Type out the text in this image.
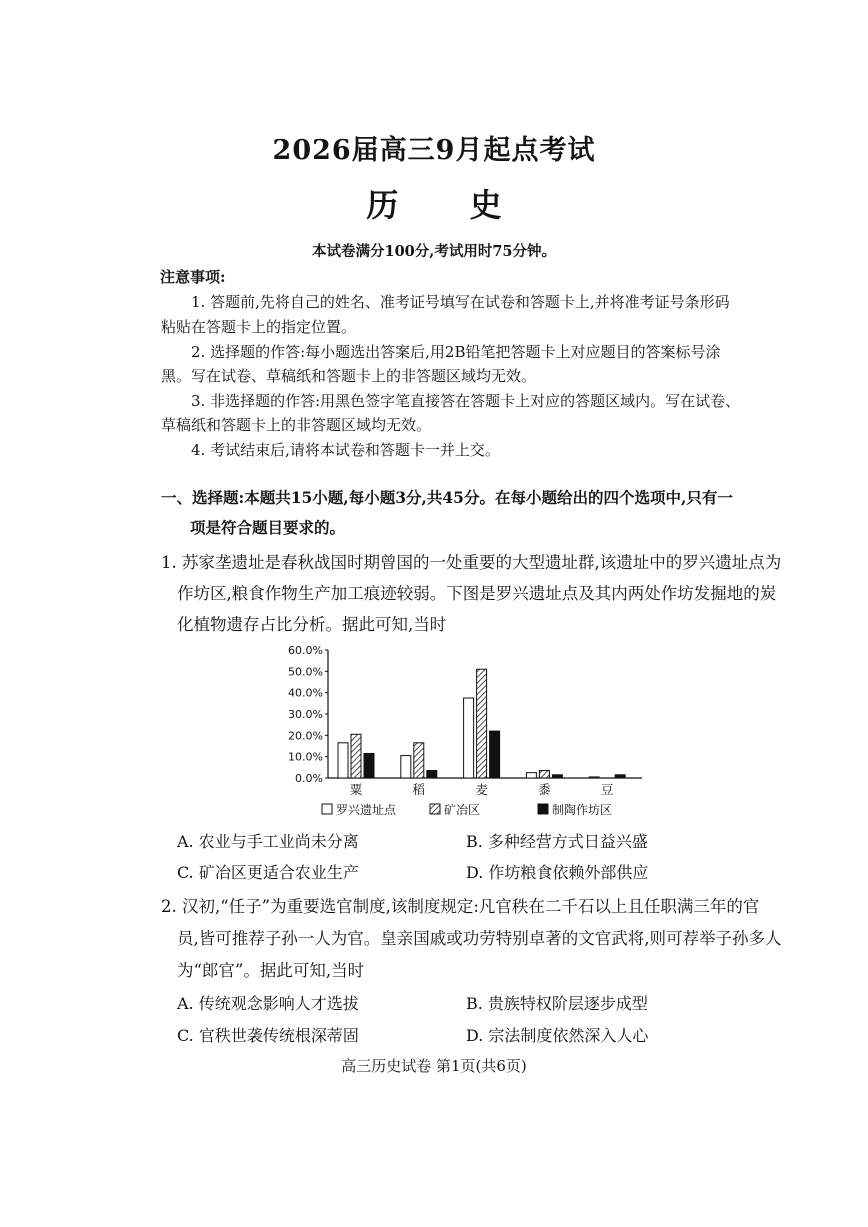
2026届高三9月起点考试
历 史
本试卷满分100分,考试用时75分钟。
注意事项:
1. 答题前,先将自己的姓名、准考证号填写在试卷和答题卡上,并将准考证号条形码
粘贴在答题卡上的指定位置。
2. 选择题的作答:每小题选出答案后,用2B铅笔把答题卡上对应题目的答案标号涂
黑。写在试卷、草稿纸和答题卡上的非答题区域均无效。
3. 非选择题的作答:用黑色签字笔直接答在答题卡上对应的答题区域内。写在试卷、
草稿纸和答题卡上的非答题区域均无效。
4. 考试结束后,请将本试卷和答题卡一并上交。
一、选择题:本题共15小题,每小题3分,共45分。在每小题给出的四个选项中,只有一
项是符合题目要求的。
1. 苏家垄遗址是春秋战国时期曾国的一处重要的大型遗址群,该遗址中的罗兴遗址点为
作坊区,粮食作物生产加工痕迹较弱。下图是罗兴遗址点及其内两处作坊发掘地的炭
化植物遗存占比分析。据此可知,当时
0.0%
10.0%
20.0%
30.0%
40.0%
50.0%
60.0%
粟	稻	麦	黍	豆
罗兴遗址点	矿冶区	制陶作坊区
A. 农业与手工业尚未分离	B. 多种经营方式日益兴盛
C. 矿冶区更适合农业生产	D. 作坊粮食依赖外部供应
2. 汉初,“任子”为重要选官制度,该制度规定:凡官秩在二千石以上且任职满三年的官
员,皆可推荐子孙一人为官。皇亲国戚或功劳特别卓著的文官武将,则可荐举子孙多人
为“郎官”。据此可知,当时
A. 传统观念影响人才选拔	B. 贵族特权阶层逐步成型
C. 官秩世袭传统根深蒂固	D. 宗法制度依然深入人心
高三历史试卷 第1页(共6页)
